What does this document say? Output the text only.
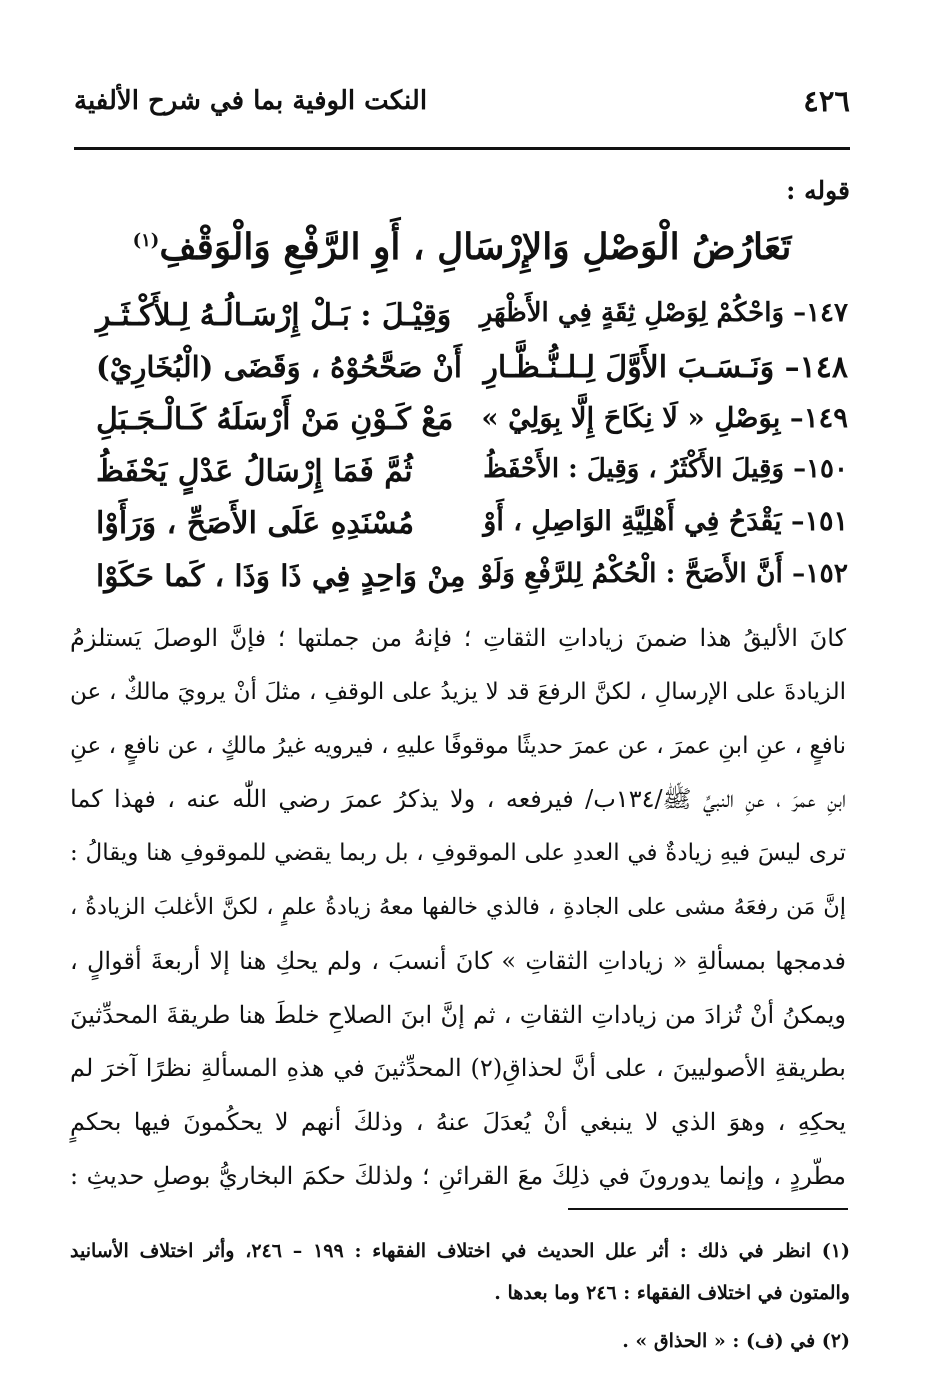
٤٢٦
النكت الوفية بما في شرح الألفية
قوله :
تَعَارُضُ الْوَصْلِ وَالإِرْسَالِ ، أَوِ الرَّفْعِ وَالْوَقْفِ$^{(١)}$
١٤٧– وَاحْكُمْ لِوَصْلِ ثِقَةٍ فِي الأَظْهَرِ
وَقِيْـلَ : بَـلْ إِرْسَـالُـهُ لِـلأَكْـثَـرِ
١٤٨– وَنَـسَـبَ الأَوَّلَ لِـلـنُّـظَّـارِ
أَنْ صَحَّحُوْهُ ، وَقَضَى (الْبُخَارِيْ)
١٤٩– بِوَصْلِ « لَا نِكَاحَ إِلَّا بِوَلِيْ »
مَعْ كَـوْنِ مَنْ أَرْسَلَهُ كَـالْـجَـبَلِ
١٥٠– وَقِيلَ الأَكْثَرُ ، وَقِيلَ : الأَحْفَظُ
ثُمَّ فَمَا إِرْسَالُ عَدْلٍ يَحْفَظُ
١٥١– يَقْدَحُ فِي أَهْلِيَّةِ الوَاصِلِ ، أَوْ
مُسْنَدِهِ عَلَى الأَصَحِّ ، وَرَأَوْا
١٥٢– أَنَّ الأَصَحَّ : الْحُكْمُ لِلرَّفْعِ وَلَوْ
مِنْ وَاحِدٍ فِي ذَا وَذَا ، كَما حَكَوْا
كانَ الأليقُ هذا ضمنَ زياداتِ الثقاتِ ؛ فإنهُ من جملتها ؛ فإنَّ الوصلَ يَستلزمُ
الزيادةَ على الإرسالِ ، لكنَّ الرفعَ قد لا يزيدُ على الوقفِ ، مثلَ أنْ يرويَ مالكٌ ، عن
نافعٍ ، عنِ ابنِ عمرَ ، عن عمرَ حديثًا موقوفًا عليهِ ، فيرويه غيرُ مالكٍ ، عن نافعٍ ، عنِ
ابنِ عمرَ ، عنِ النبيِّ ﷺ/١٣٤ب/ فيرفعه ، ولا يذكرُ عمرَ رضي اللّٰه عنه ، فهذا كما
ترى ليسَ فيهِ زيادةٌ في العددِ على الموقوفِ ، بل ربما يقضي للموقوفِ هنا ويقالُ :
إنَّ مَن رفعَهُ مشى على الجادةِ ، فالذي خالفها معهُ زيادةُ علمٍ ، لكنَّ الأغلبَ الزيادةُ ،
فدمجها بمسألةِ « زياداتِ الثقاتِ » كانَ أنسبَ ، ولم يحكِ هنا إلا أربعةَ أقوالٍ ،
ويمكنُ أنْ تُزادَ من زياداتِ الثقاتِ ، ثم إنَّ ابنَ الصلاحِ خلطَ هنا طريقةَ المحدِّثينَ
بطريقةِ الأصوليينَ ، على أنَّ لحذاقِ(٢) المحدِّثينَ في هذهِ المسألةِ نظرًا آخرَ لم
يحكِهِ ، وهوَ الذي لا ينبغي أنْ يُعدَلَ عنهُ ، وذلكَ أنهم لا يحكُمونَ فيها بحكمٍ
مطّردٍ ، وإنما يدورونَ في ذلِكَ معَ القرائنِ ؛ ولذلكَ حكمَ البخاريُّ بوصلِ حديثِ :
(١) انظر في ذلك : أثر علل الحديث في اختلاف الفقهاء : ١٩٩ – ٢٤٦، وأثر اختلاف الأسانيد
والمتون في اختلاف الفقهاء : ٢٤٦ وما بعدها .
(٢) في (ف) : « الحذاق » .
